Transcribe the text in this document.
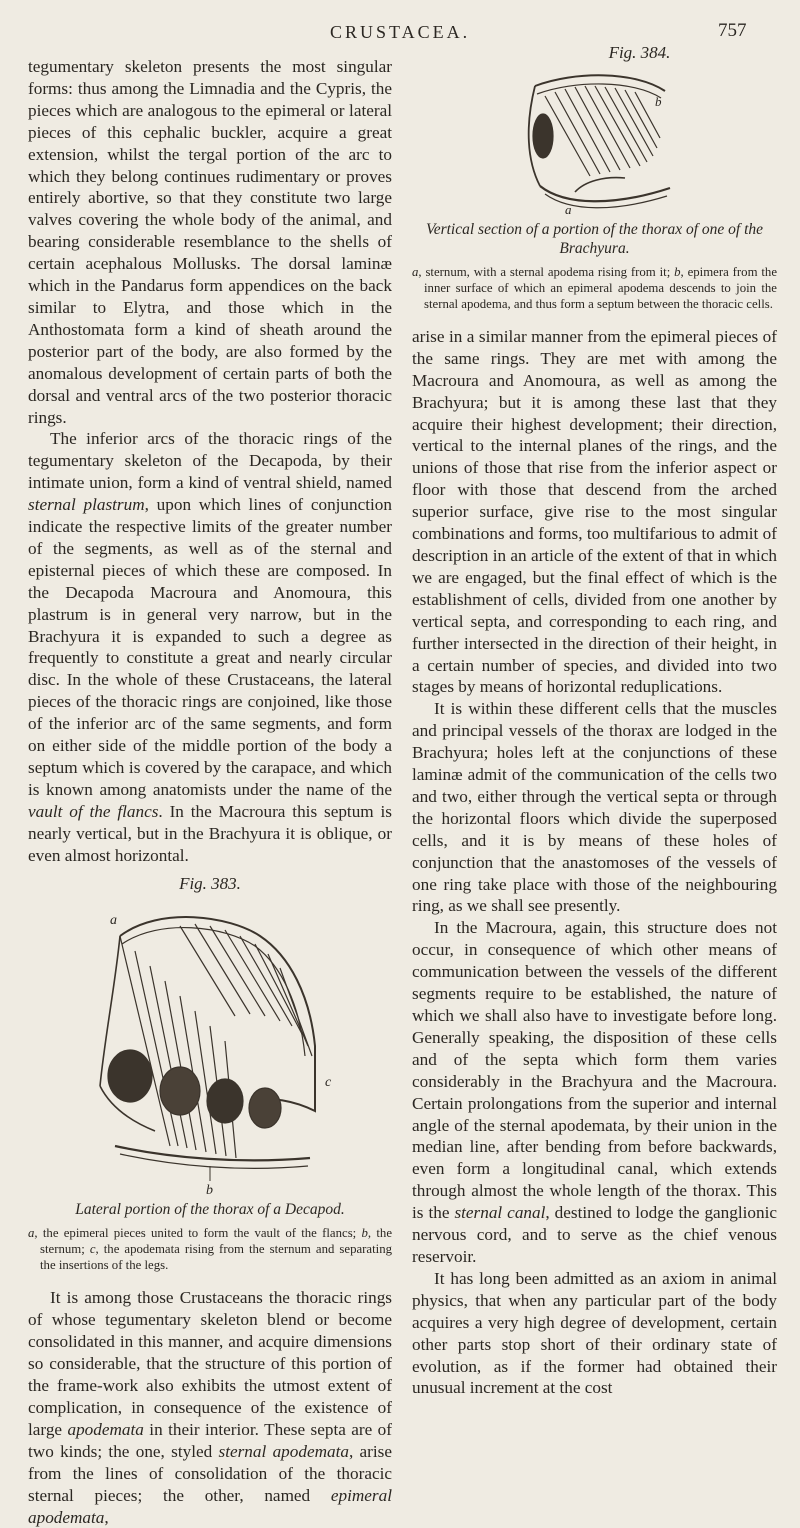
CRUSTACEA.	757

tegumentary skeleton presents the most singular forms: thus among the Limnadia and the Cypris, the pieces which are analogous to the epimeral or lateral pieces of this cephalic buckler, acquire a great extension, whilst the tergal portion of the arc to which they belong continues rudimentary or proves entirely abortive, so that they constitute two large valves covering the whole body of the animal, and bearing considerable resemblance to the shells of certain acephalous Mollusks. The dorsal laminæ which in the Pandarus form appendices on the back similar to Elytra, and those which in the Anthostomata form a kind of sheath around the posterior part of the body, are also formed by the anomalous development of certain parts of both the dorsal and ventral arcs of the two posterior thoracic rings.

The inferior arcs of the thoracic rings of the tegumentary skeleton of the Decapoda, by their intimate union, form a kind of ventral shield, named sternal plastrum, upon which lines of conjunction indicate the respective limits of the greater number of the segments, as well as of the sternal and episternal pieces of which these are composed. In the Decapoda Macroura and Anomoura, this plastrum is in general very narrow, but in the Brachyura it is expanded to such a degree as frequently to constitute a great and nearly circular disc. In the whole of these Crustaceans, the lateral pieces of the thoracic rings are conjoined, like those of the inferior arc of the same segments, and form on either side of the middle portion of the body a septum which is covered by the carapace, and which is known among anatomists under the name of the vault of the flancs. In the Macroura this septum is nearly vertical, but in the Brachyura it is oblique, or even almost horizontal.

Fig. 383.
a
c
b
Lateral portion of the thorax of a Decapod.
a, the epimeral pieces united to form the vault of the flancs; b, the sternum; c, the apodemata rising from the sternum and separating the insertions of the legs.

It is among those Crustaceans the thoracic rings of whose tegumentary skeleton blend or become consolidated in this manner, and acquire dimensions so considerable, that the structure of this portion of the frame-work also exhibits the utmost extent of complication, in consequence of the existence of large apodemata in their interior. These septa are of two kinds; the one, styled sternal apodemata, arise from the lines of consolidation of the thoracic sternal pieces; the other, named epimeral apodemata,

Fig. 384.
b
a
Vertical section of a portion of the thorax of one of the Brachyura.
a, sternum, with a sternal apodema rising from it; b, epimera from the inner surface of which an epimeral apodema descends to join the sternal apodema, and thus form a septum between the thoracic cells.

arise in a similar manner from the epimeral pieces of the same rings. They are met with among the Macroura and Anomoura, as well as among the Brachyura; but it is among these last that they acquire their highest development; their direction, vertical to the internal planes of the rings, and the unions of those that rise from the inferior aspect or floor with those that descend from the arched superior surface, give rise to the most singular combinations and forms, too multifarious to admit of description in an article of the extent of that in which we are engaged, but the final effect of which is the establishment of cells, divided from one another by vertical septa, and corresponding to each ring, and further intersected in the direction of their height, in a certain number of species, and divided into two stages by means of horizontal reduplications.

It is within these different cells that the muscles and principal vessels of the thorax are lodged in the Brachyura; holes left at the conjunctions of these laminæ admit of the communication of the cells two and two, either through the vertical septa or through the horizontal floors which divide the superposed cells, and it is by means of these holes of conjunction that the anastomoses of the vessels of one ring take place with those of the neighbouring ring, as we shall see presently.

In the Macroura, again, this structure does not occur, in consequence of which other means of communication between the vessels of the different segments require to be established, the nature of which we shall also have to investigate before long. Generally speaking, the disposition of these cells and of the septa which form them varies considerably in the Brachyura and the Macroura. Certain prolongations from the superior and internal angle of the sternal apodemata, by their union in the median line, after bending from before backwards, even form a longitudinal canal, which extends through almost the whole length of the thorax. This is the sternal canal, destined to lodge the ganglionic nervous cord, and to serve as the chief venous reservoir.

It has long been admitted as an axiom in animal physics, that when any particular part of the body acquires a very high degree of development, certain other parts stop short of their ordinary state of evolution, as if the former had obtained their unusual increment at the cost
